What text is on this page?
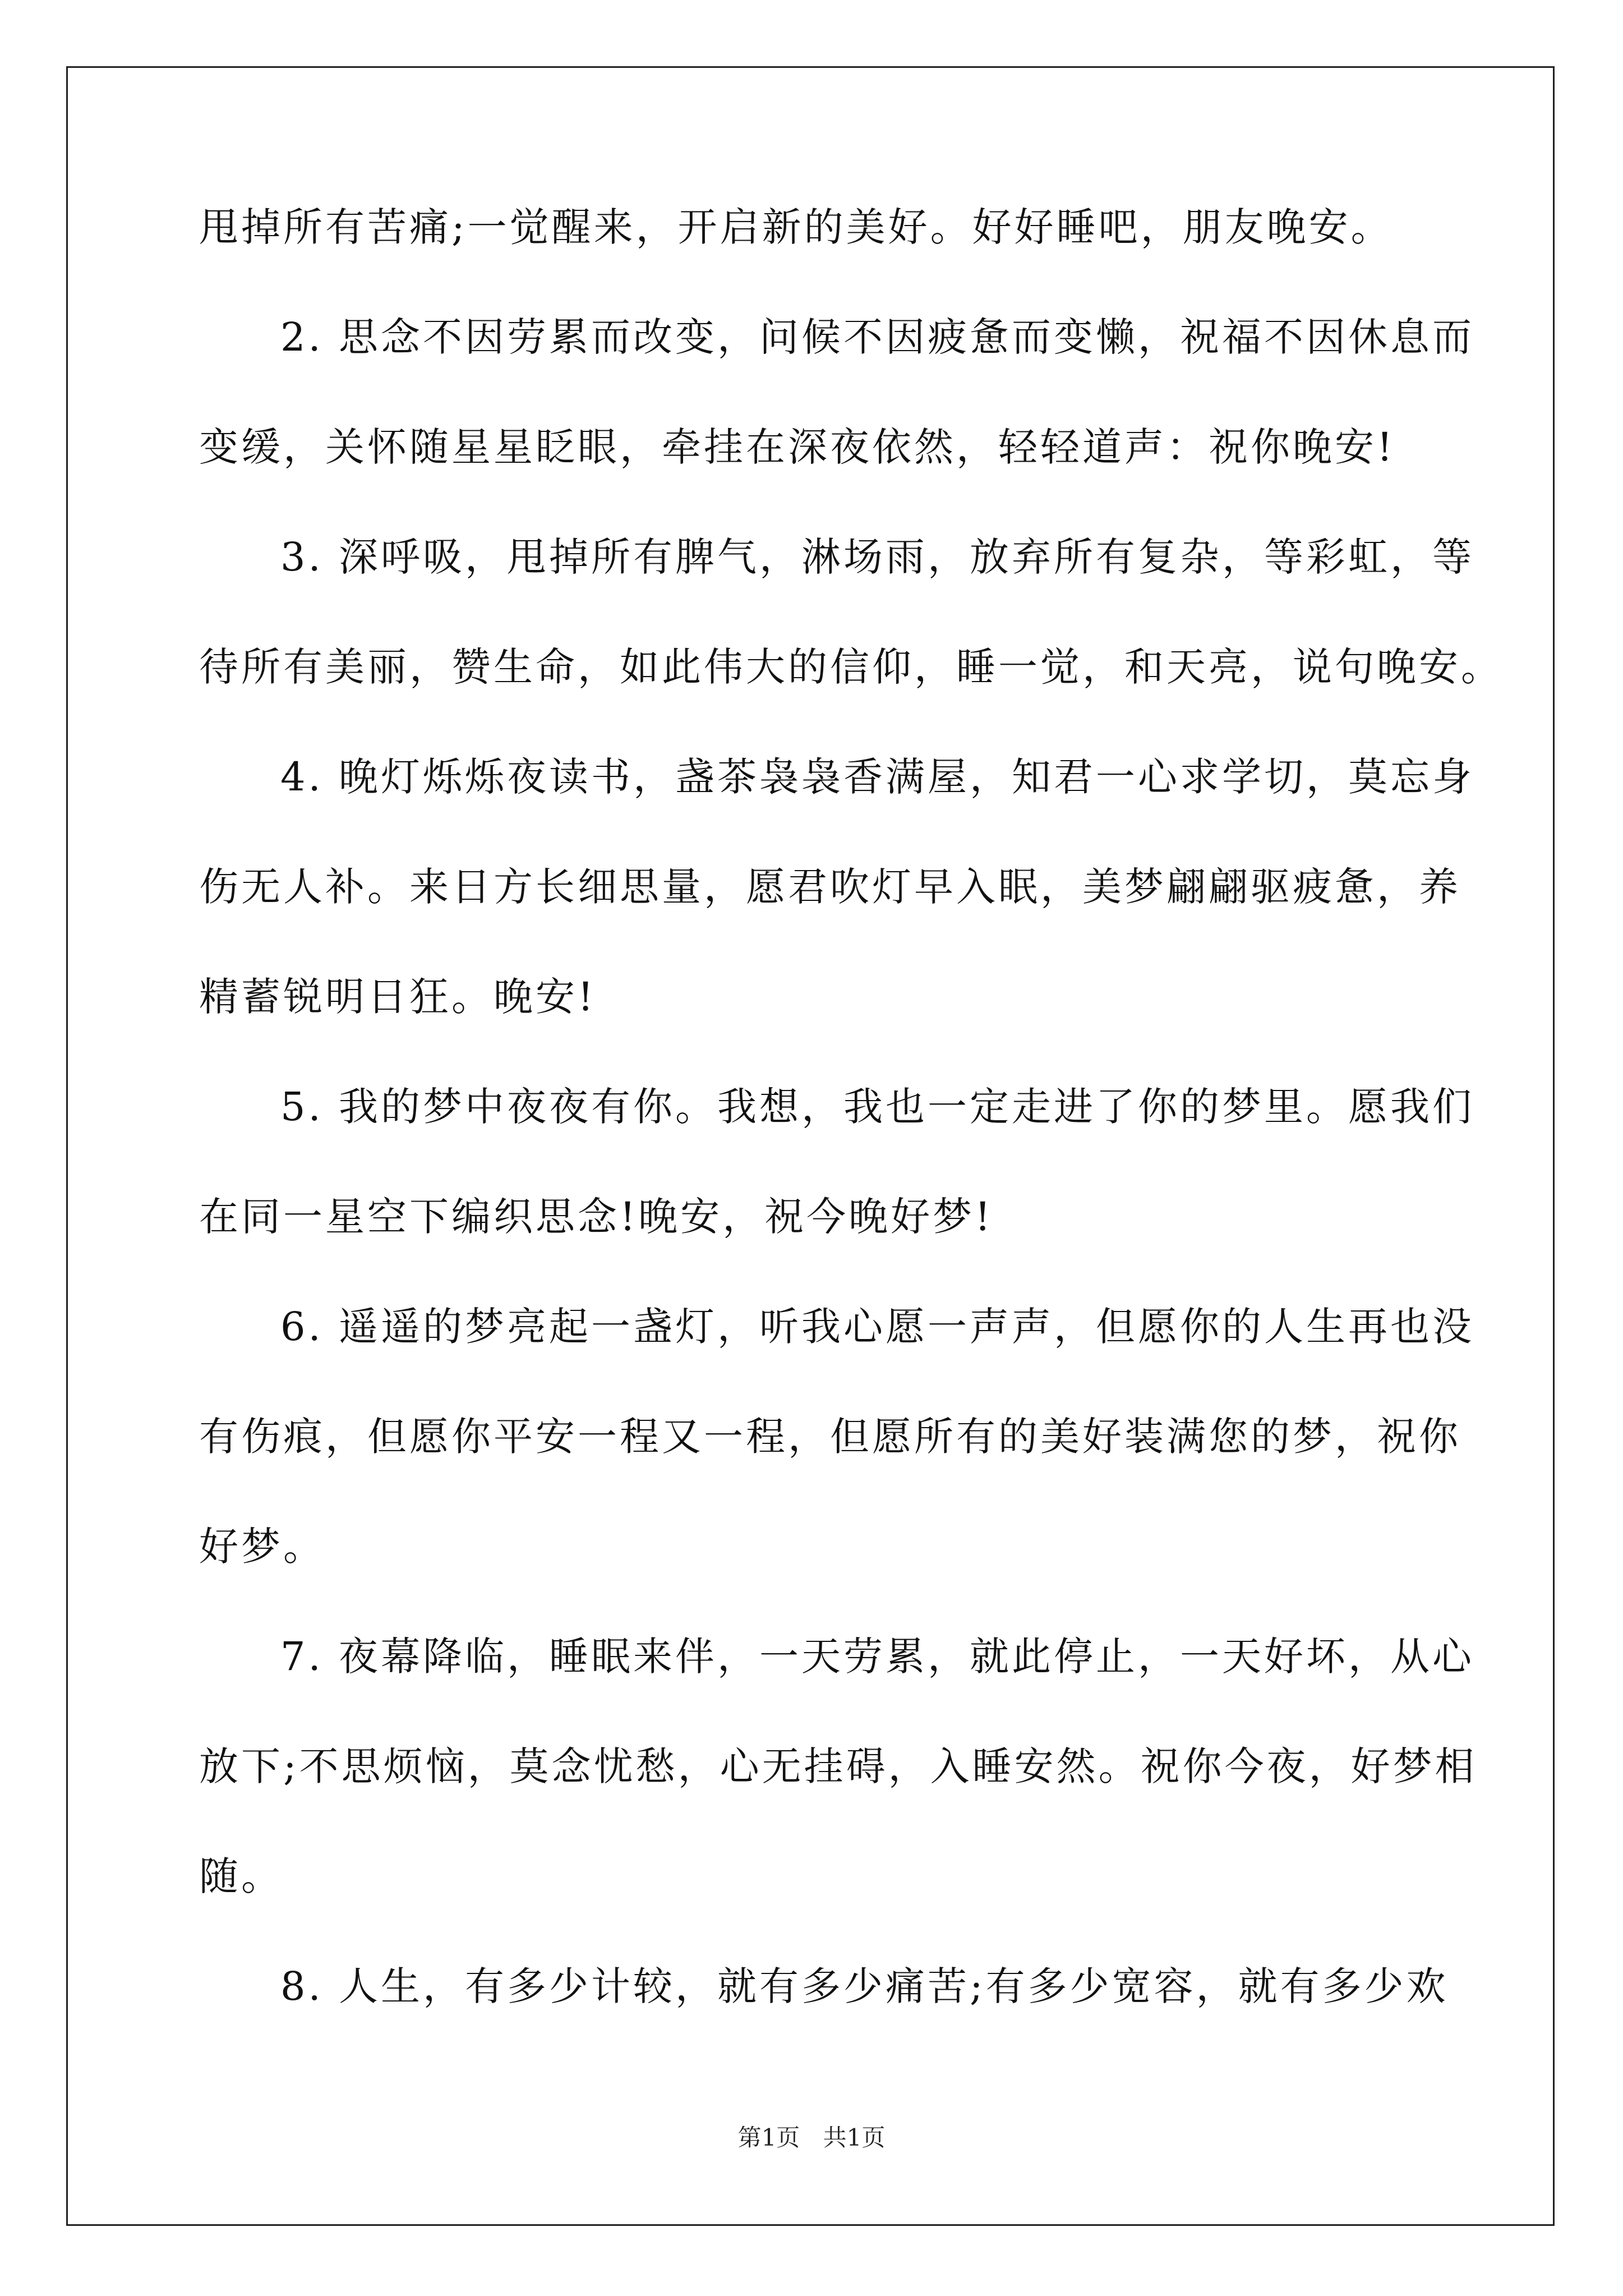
甩掉所有苦痛;一觉醒来，开启新的美好。好好睡吧，朋友晚安。
2. 思念不因劳累而改变，问候不因疲惫而变懒，祝福不因休息而
变缓，关怀随星星眨眼，牵挂在深夜依然，轻轻道声：祝你晚安!
3. 深呼吸，甩掉所有脾气，淋场雨，放弃所有复杂，等彩虹，等
待所有美丽，赞生命，如此伟大的信仰，睡一觉，和天亮，说句晚安。
4. 晚灯烁烁夜读书，盏茶袅袅香满屋，知君一心求学切，莫忘身
伤无人补。来日方长细思量，愿君吹灯早入眠，美梦翩翩驱疲惫，养
精蓄锐明日狂。晚安!
5. 我的梦中夜夜有你。我想，我也一定走进了你的梦里。愿我们
在同一星空下编织思念!晚安，祝今晚好梦!
6. 遥遥的梦亮起一盏灯，听我心愿一声声，但愿你的人生再也没
有伤痕，但愿你平安一程又一程，但愿所有的美好装满您的梦，祝你
好梦。
7. 夜幕降临，睡眠来伴，一天劳累，就此停止，一天好坏，从心
放下;不思烦恼，莫念忧愁，心无挂碍，入睡安然。祝你今夜，好梦相
随。
8. 人生，有多少计较，就有多少痛苦;有多少宽容，就有多少欢
第1页 共1页
